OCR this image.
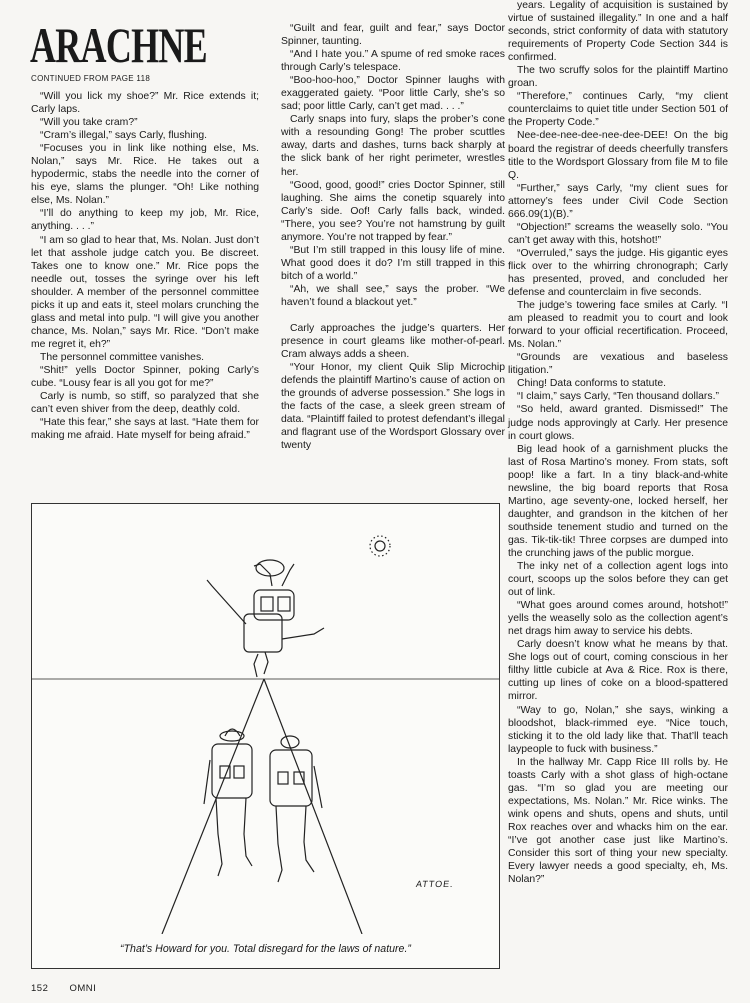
ARACHNE
CONTINUED FROM PAGE 118

“Will you lick my shoe?” Mr. Rice extends it; Carly laps.

“Will you take cram?”

“Cram’s illegal,” says Carly, flushing.

“Focuses you in link like nothing else, Ms. Nolan,” says Mr. Rice. He takes out a hypodermic, stabs the needle into the corner of his eye, slams the plunger. “Oh! Like nothing else, Ms. Nolan.”

“I’ll do anything to keep my job, Mr. Rice, anything. . . .”

“I am so glad to hear that, Ms. Nolan. Just don’t let that asshole judge catch you. Be discreet. Takes one to know one.” Mr. Rice pops the needle out, tosses the syringe over his left shoulder. A member of the personnel committee picks it up and eats it, steel molars crunching the glass and metal into pulp. “I will give you another chance, Ms. Nolan,” says Mr. Rice. “Don’t make me regret it, eh?”

The personnel committee vanishes.

“Shit!” yells Doctor Spinner, poking Carly’s cube. “Lousy fear is all you got for me?”

Carly is numb, so stiff, so paralyzed that she can’t even shiver from the deep, deathly cold.

“Hate this fear,” she says at last. “Hate them for making me afraid. Hate myself for being afraid.”

“Guilt and fear, guilt and fear,” says Doctor Spinner, taunting.

“And I hate you.” A spume of red smoke races through Carly’s telespace.

“Boo-hoo-hoo,” Doctor Spinner laughs with exaggerated gaiety. “Poor little Carly, she’s so sad; poor little Carly, can’t get mad. . . .”

Carly snaps into fury, slaps the prober’s cone with a resounding Gong! The prober scuttles away, darts and dashes, turns back sharply at the slick bank of her right perimeter, wrestles her.

“Good, good, good!” cries Doctor Spinner, still laughing. She aims the conetip squarely into Carly’s side. Oof! Carly falls back, winded. “There, you see? You’re not hamstrung by guilt anymore. You’re not trapped by fear.”

“But I’m still trapped in this lousy life of mine. What good does it do? I’m still trapped in this bitch of a world.”

“Ah, we shall see,” says the prober. “We haven’t found a blackout yet.”

Carly approaches the judge’s quarters. Her presence in court gleams like mother-of-pearl. Cram always adds a sheen.

“Your Honor, my client Quik Slip Microchip defends the plaintiff Martino’s cause of action on the grounds of adverse possession.” She logs in the facts of the case, a sleek green stream of data. “Plaintiff failed to protest defendant’s illegal and flagrant use of the Wordsport Glossary over twenty

years. Legality of acquisition is sustained by virtue of sustained illegality.” In one and a half seconds, strict conformity of data with statutory requirements of Property Code Section 344 is confirmed.

The two scruffy solos for the plaintiff Martino groan.

“Therefore,” continues Carly, “my client counterclaims to quiet title under Section 501 of the Property Code.”

Nee-dee-nee-dee-nee-dee-DEE! On the big board the registrar of deeds cheerfully transfers title to the Wordsport Glossary from file M to file Q.

“Further,” says Carly, “my client sues for attorney’s fees under Civil Code Section 666.09(1)(B).”

“Objection!” screams the weaselly solo. “You can’t get away with this, hotshot!”

“Overruled,” says the judge. His gigantic eyes flick over to the whirring chronograph; Carly has presented, proved, and concluded her defense and counterclaim in five seconds.

The judge’s towering face smiles at Carly. “I am pleased to readmit you to court and look forward to your official recertification. Proceed, Ms. Nolan.”

“Grounds are vexatious and baseless litigation.”

Ching! Data conforms to statute.

“I claim,” says Carly, “Ten thousand dollars.”

“So held, award granted. Dismissed!” The judge nods approvingly at Carly. Her presence in court glows.

Big lead hook of a garnishment plucks the last of Rosa Martino’s money. From stats, soft poop! like a fart. In a tiny black-and-white newsline, the big board reports that Rosa Martino, age seventy-one, locked herself, her daughter, and grandson in the kitchen of her southside tenement studio and turned on the gas. Tik-tik-tik! Three corpses are dumped into the crunching jaws of the public morgue.

The inky net of a collection agent logs into court, scoops up the solos before they can get out of link.

“What goes around comes around, hotshot!” yells the weaselly solo as the collection agent’s net drags him away to service his debts.

Carly doesn’t know what he means by that. She logs out of court, coming conscious in her filthy little cubicle at Ava & Rice. Rox is there, cutting up lines of coke on a blood-spattered mirror.

“Way to go, Nolan,” she says, winking a bloodshot, black-rimmed eye. “Nice touch, sticking it to the old lady like that. That’ll teach laypeople to fuck with business.”

In the hallway Mr. Capp Rice III rolls by. He toasts Carly with a shot glass of high-octane gas. “I’m so glad you are meeting our expectations, Ms. Nolan.” Mr. Rice winks. The wink opens and shuts, opens and shuts, until Rox reaches over and whacks him on the ear. “I’ve got another case just like Martino’s. Consider this sort of thing your new specialty. Every lawyer needs a good specialty, eh, Ms. Nolan?”

ATTOE.
“That’s Howard for you. Total disregard for the laws of nature.”
152 OMNI
